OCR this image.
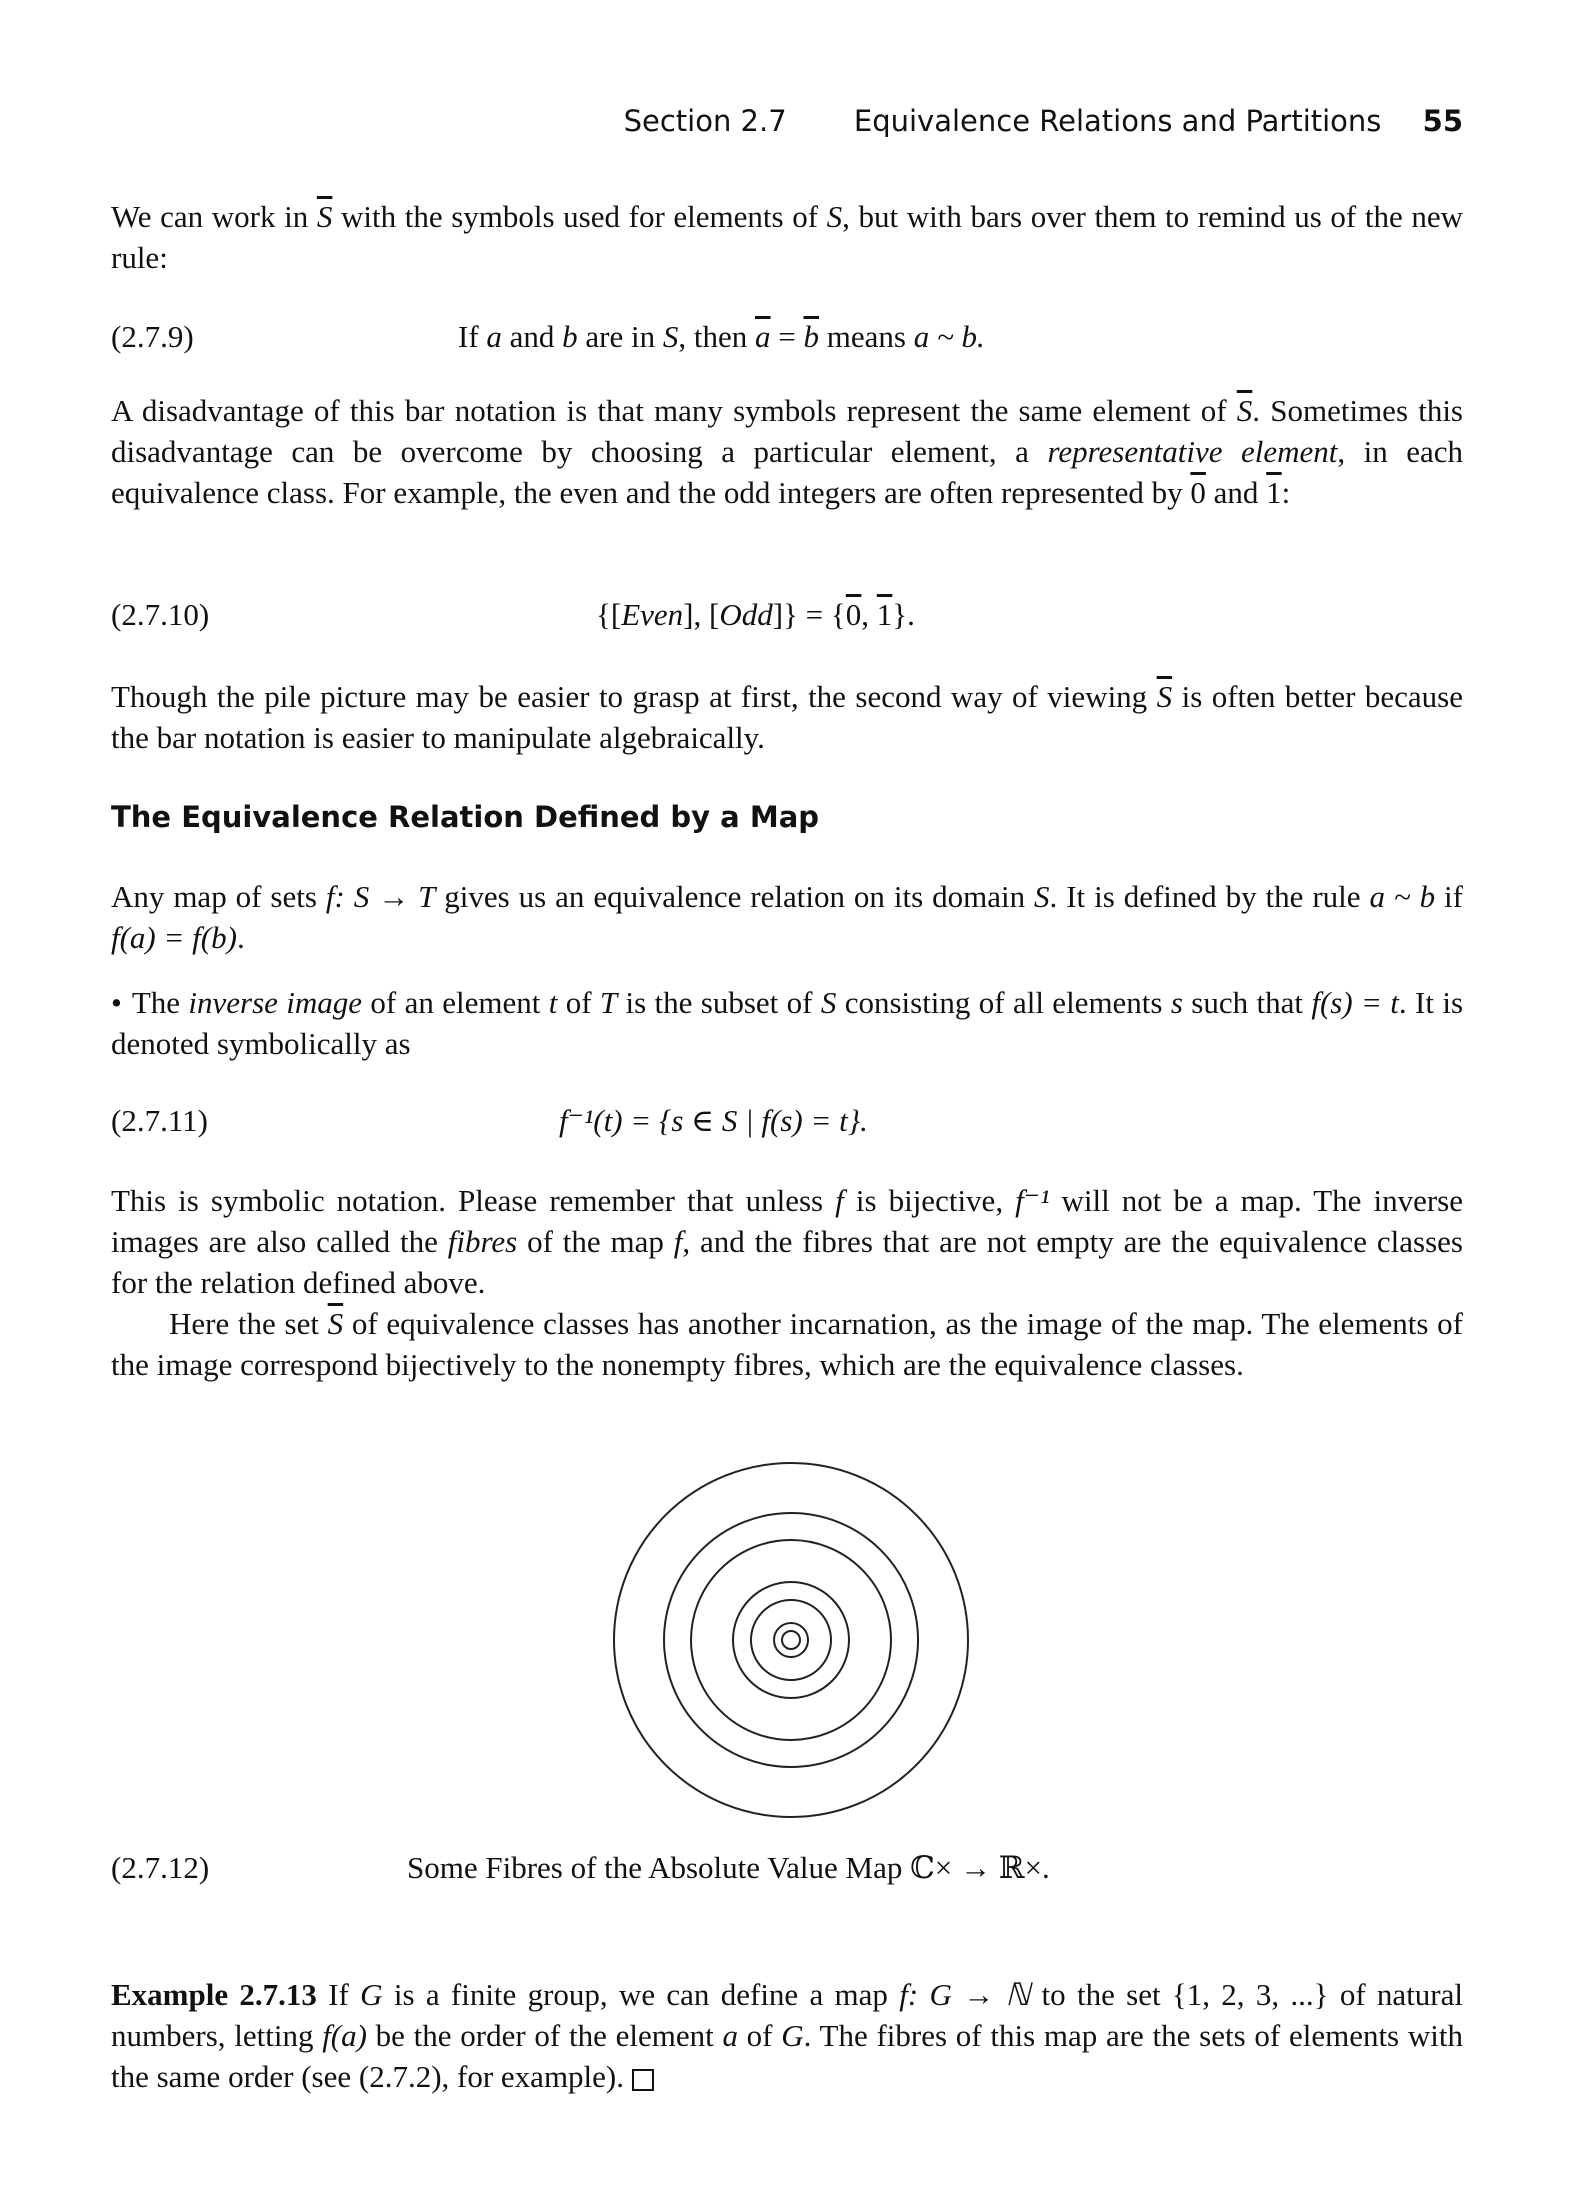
Section 2.7 Equivalence Relations and Partitions 55
We can work in $\overline{S}$ with the symbols used for elements of S, but with bars over them to remind us of the new rule:
(2.7.9)	If a and b are in S, then $\overline{a} = \overline{b}$ means a ~ b.
A disadvantage of this bar notation is that many symbols represent the same element of $\overline{S}$. Sometimes this disadvantage can be overcome by choosing a particular element, a representative element, in each equivalence class. For example, the even and the odd integers are often represented by 0 and 1:
(2.7.10)	{[Even], [Odd]} = {0, 1}.
Though the pile picture may be easier to grasp at first, the second way of viewing $\overline{S}$ is often better because the bar notation is easier to manipulate algebraically.
The Equivalence Relation Defined by a Map
Any map of sets f: S → T gives us an equivalence relation on its domain S. It is defined by the rule a ~ b if f(a) = f(b).
• The inverse image of an element t of T is the subset of S consisting of all elements s such that f(s) = t. It is denoted symbolically as
(2.7.11)	f⁻¹(t) = {s ∈ S | f(s) = t}.
This is symbolic notation. Please remember that unless f is bijective, f⁻¹ will not be a map. The inverse images are also called the fibres of the map f, and the fibres that are not empty are the equivalence classes for the relation defined above.
Here the set $\overline{S}$ of equivalence classes has another incarnation, as the image of the map. The elements of the image correspond bijectively to the nonempty fibres, which are the equivalence classes.
(2.7.12)	Some Fibres of the Absolute Value Map ℂ× → ℝ×.
Example 2.7.13 If G is a finite group, we can define a map f: G → ℕ to the set {1, 2, 3, ...} of natural numbers, letting f(a) be the order of the element a of G. The fibres of this map are the sets of elements with the same order (see (2.7.2), for example).
